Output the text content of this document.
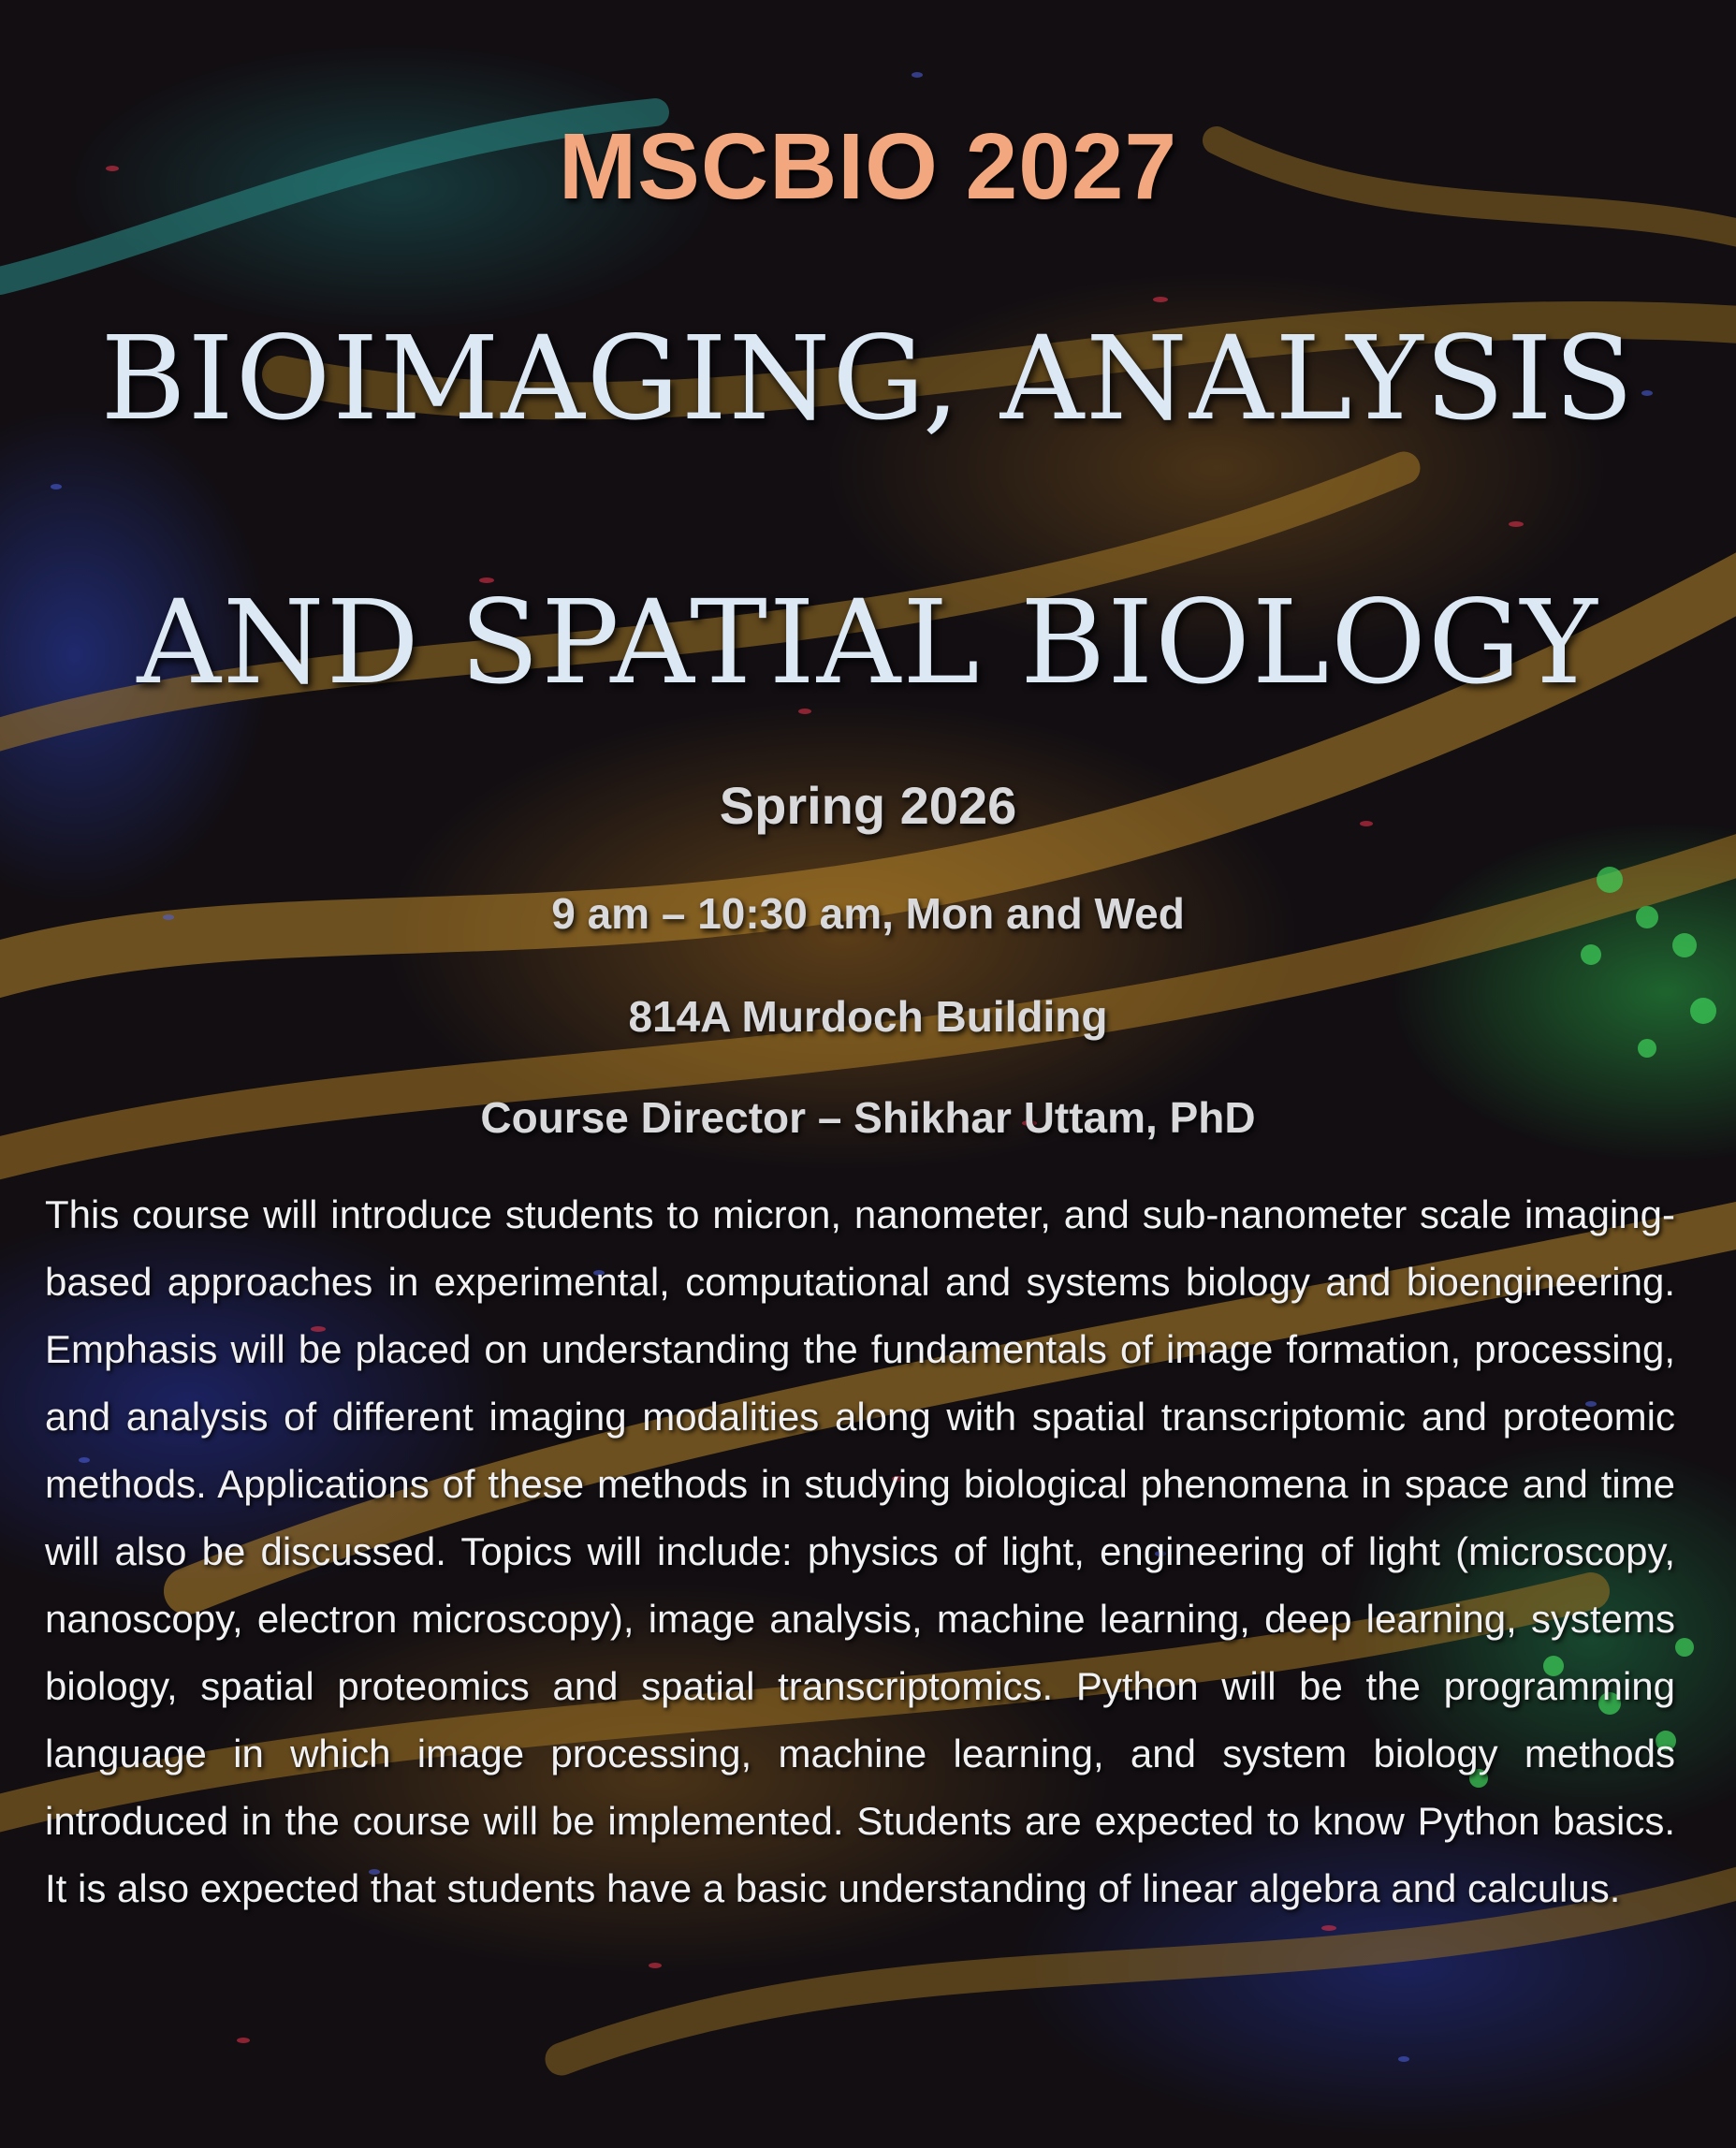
MSCBIO 2027
BIOIMAGING, ANALYSIS
AND SPATIAL BIOLOGY
Spring 2026
9 am – 10:30 am, Mon and Wed
814A Murdoch Building
Course Director – Shikhar Uttam, PhD
This course will introduce students to micron, nanometer, and sub-nanometer scale imaging-based approaches in experimental, computational and systems biology and bioengineering. Emphasis will be placed on understanding the fundamentals of image formation, processing, and analysis of different imaging modalities along with spatial transcriptomic and proteomic methods. Applications of these methods in studying biological phenomena in space and time will also be discussed. Topics will include: physics of light, engineering of light (microscopy, nanoscopy, electron microscopy), image analysis, machine learning, deep learning, systems biology, spatial proteomics and spatial transcriptomics. Python will be the programming language in which image processing, machine learning, and system biology methods introduced in the course will be implemented. Students are expected to know Python basics. It is also expected that students have a basic understanding of linear algebra and calculus.
